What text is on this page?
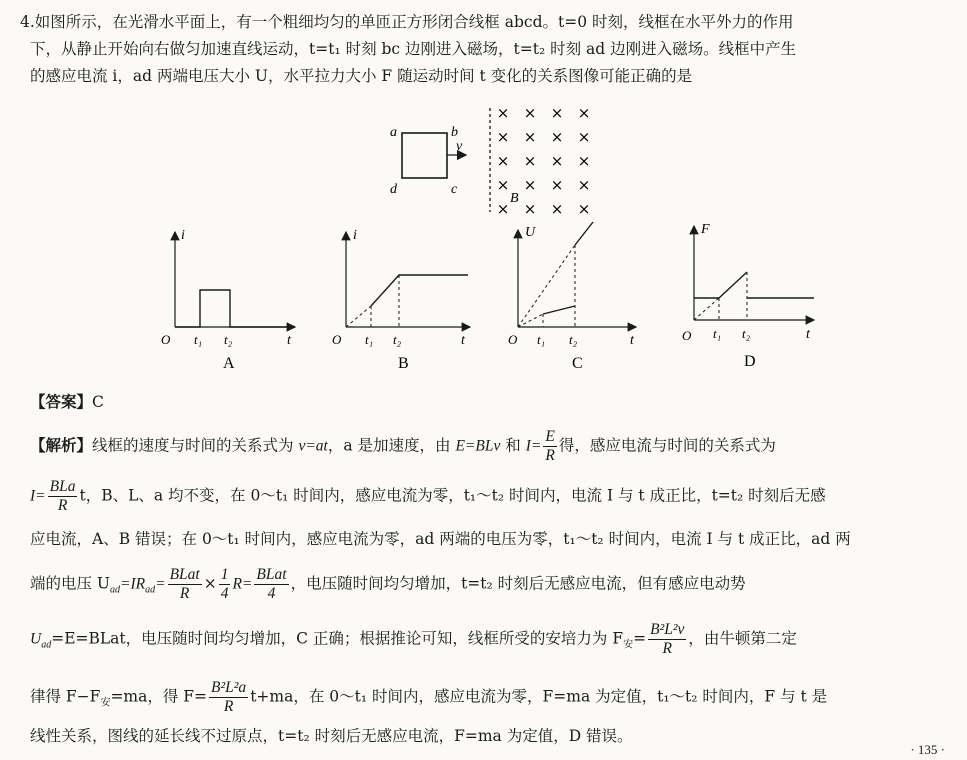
4.如图所示，在光滑水平面上，有一个粗细均匀的单匝正方形闭合线框 abcd。t=0 时刻，线框在水平外力的作用
下，从静止开始向右做匀加速直线运动，t=t₁ 时刻 bc 边刚进入磁场，t=t₂ 时刻 ad 边刚进入磁场。线框中产生
的感应电流 i，ad 两端电压大小 U，水平拉力大小 F 随运动时间 t 变化的关系图像可能正确的是
a	b
c
d
v
× × × ×
× × × ×
× × × ×
× × × ×
× × × ×
B
O
i
t
t₁ t₂
A
O
i
t
t₁ t₂
B
O
U
t
t₁ t₂
C
O
F
t
t₁ t₂
D
【答案】C
【解析】线框的速度与时间的关系式为 v=at，a 是加速度，由 E=BLv 和 $I= \frac{E}{R}$ 得，感应电流与时间的关系式为
$I= \frac{\text{BLa}}{R}$ t，B、L、a 均不变，在 0～t₁ 时间内，感应电流为零，t₁～t₂ 时间内，电流 I 与 t 成正比，t=t₂ 时刻后无感
应电流，A、B 错误；在 0～t₁ 时间内，感应电流为零，ad 两端的电压为零，t₁～t₂ 时间内，电流 I 与 t 成正比，ad 两
端的电压 $U_{ad}=IR_{ad}= \frac{\text{BLat}}{R} \times \frac{1}{4} R= \frac{\text{BLat}}{4}$ ，电压随时间均匀增加，t=t₂ 时刻后无感应电流，但有感应电动势
$U_{ad}=E=BLat$，电压随时间均匀增加，C 正确；根据推论可知，线框所受的安培力为 $F_安= \frac{\text{B²L²v}}{R}$ ，由牛顿第二定
律得 $F-F_安=ma$，得 $F= \frac{\text{B²L²a}}{R} t+ma$，在 0～t₁ 时间内，感应电流为零，F=ma 为定值，t₁～t₂ 时间内，F 与 t 是
线性关系，图线的延长线不过原点，t=t₂ 时刻后无感应电流，F=ma 为定值，D 错误。
· 135 ·
